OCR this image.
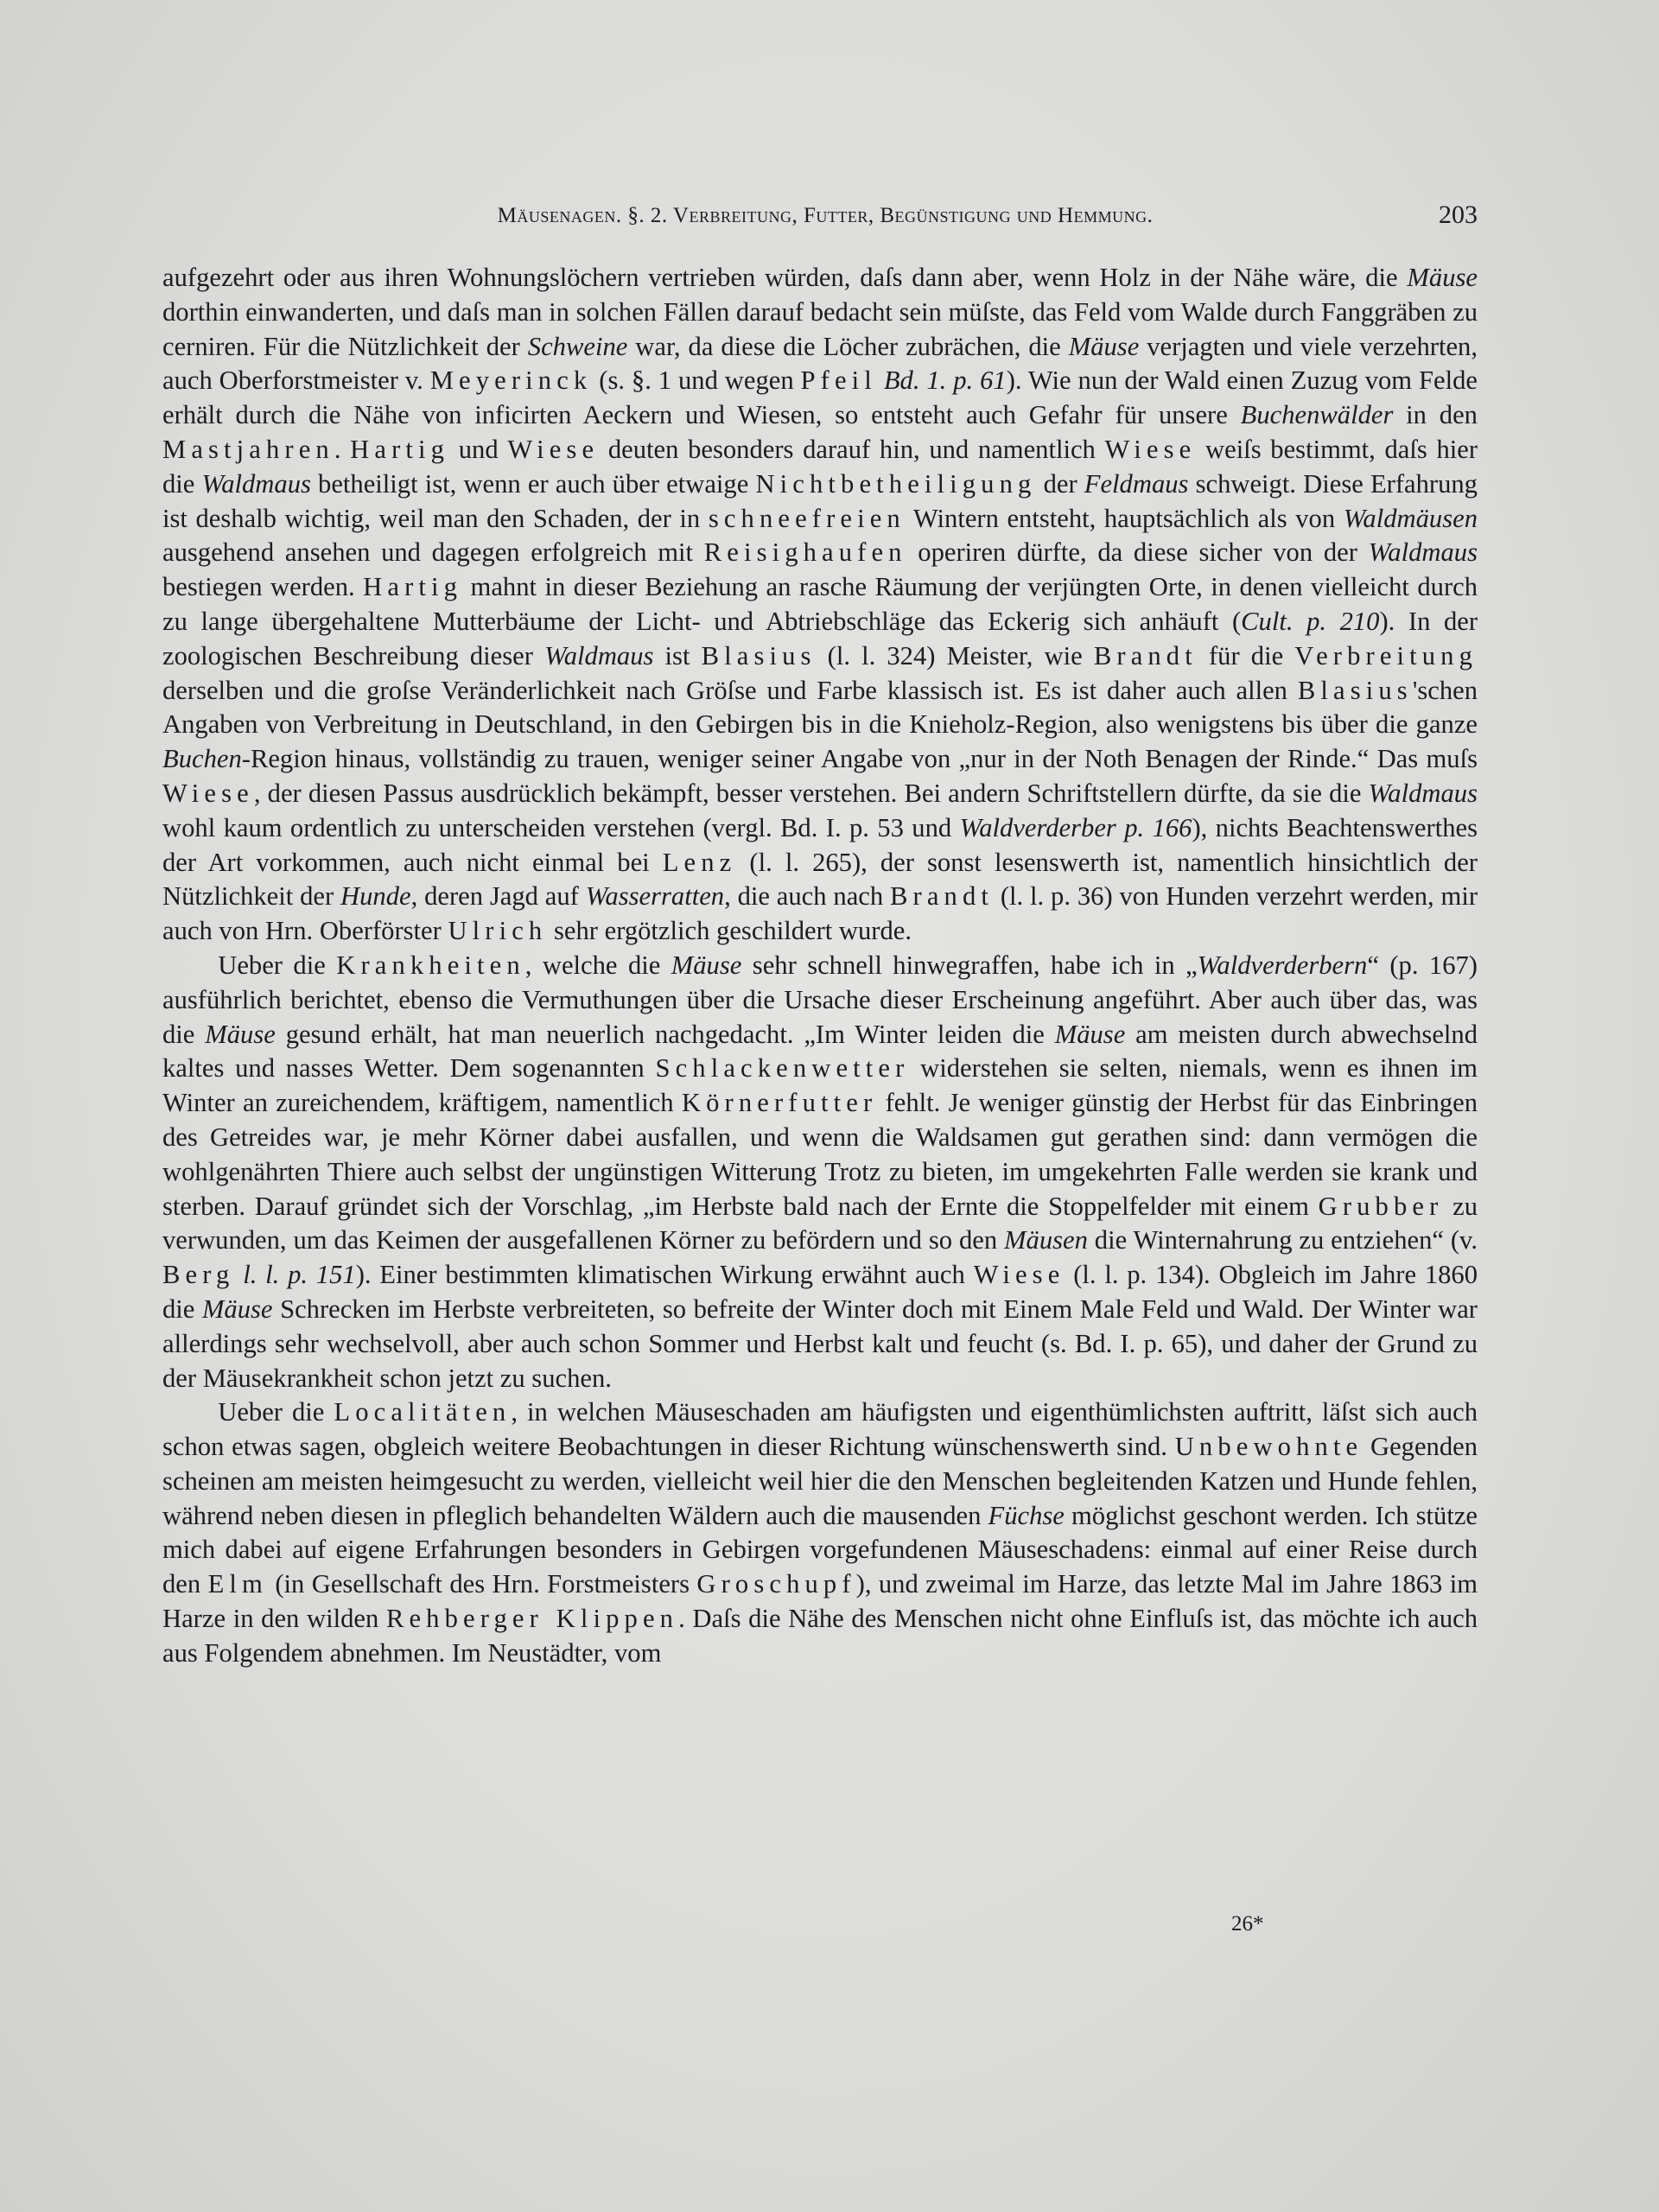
Mäusenagen. §. 2. Verbreitung, Futter, Begünstigung und Hemmung.	203

aufgezehrt oder aus ihren Wohnungslöchern vertrieben würden, daſs dann aber, wenn Holz in der Nähe wäre, die Mäuse dorthin einwanderten, und daſs man in solchen Fällen darauf bedacht sein müſste, das Feld vom Walde durch Fanggräben zu cerniren. Für die Nützlichkeit der Schweine war, da diese die Löcher zubrächen, die Mäuse verjagten und viele verzehrten, auch Oberforstmeister v. Meyerinck (s. §. 1 und wegen Pfeil Bd. 1. p. 61). Wie nun der Wald einen Zuzug vom Felde erhält durch die Nähe von inficirten Aeckern und Wiesen, so entsteht auch Gefahr für unsere Buchenwälder in den Mastjahren. Hartig und Wiese deuten besonders darauf hin, und namentlich Wiese weiſs bestimmt, daſs hier die Waldmaus betheiligt ist, wenn er auch über etwaige Nichtbetheiligung der Feldmaus schweigt. Diese Erfahrung ist deshalb wichtig, weil man den Schaden, der in schneefreien Wintern entsteht, hauptsächlich als von Waldmäusen ausgehend ansehen und dagegen erfolgreich mit Reisighaufen operiren dürfte, da diese sicher von der Waldmaus bestiegen werden. Hartig mahnt in dieser Beziehung an rasche Räumung der verjüngten Orte, in denen vielleicht durch zu lange übergehaltene Mutterbäume der Licht- und Abtriebschläge das Eckerig sich anhäuft (Cult. p. 210). In der zoologischen Beschreibung dieser Waldmaus ist Blasius (l. l. 324) Meister, wie Brandt für die Verbreitung derselben und die groſse Veränderlichkeit nach Gröſse und Farbe klassisch ist. Es ist daher auch allen Blasius'schen Angaben von Verbreitung in Deutschland, in den Gebirgen bis in die Knieholz-Region, also wenigstens bis über die ganze Buchen-Region hinaus, vollständig zu trauen, weniger seiner Angabe von „nur in der Noth Benagen der Rinde.“ Das muſs Wiese, der diesen Passus ausdrücklich bekämpft, besser verstehen. Bei andern Schriftstellern dürfte, da sie die Waldmaus wohl kaum ordentlich zu unterscheiden verstehen (vergl. Bd. I. p. 53 und Waldverderber p. 166), nichts Beachtenswerthes der Art vorkommen, auch nicht einmal bei Lenz (l. l. 265), der sonst lesenswerth ist, namentlich hinsichtlich der Nützlichkeit der Hunde, deren Jagd auf Wasserratten, die auch nach Brandt (l. l. p. 36) von Hunden verzehrt werden, mir auch von Hrn. Oberförster Ulrich sehr ergötzlich geschildert wurde.

Ueber die Krankheiten, welche die Mäuse sehr schnell hinwegraffen, habe ich in „Waldverderbern“ (p. 167) ausführlich berichtet, ebenso die Vermuthungen über die Ursache dieser Erscheinung angeführt. Aber auch über das, was die Mäuse gesund erhält, hat man neuerlich nachgedacht. „Im Winter leiden die Mäuse am meisten durch abwechselnd kaltes und nasses Wetter. Dem sogenannten Schlackenwetter widerstehen sie selten, niemals, wenn es ihnen im Winter an zureichendem, kräftigem, namentlich Körnerfutter fehlt. Je weniger günstig der Herbst für das Einbringen des Getreides war, je mehr Körner dabei ausfallen, und wenn die Waldsamen gut gerathen sind: dann vermögen die wohlgenährten Thiere auch selbst der ungünstigen Witterung Trotz zu bieten, im umgekehrten Falle werden sie krank und sterben. Darauf gründet sich der Vorschlag, „im Herbste bald nach der Ernte die Stoppelfelder mit einem Grubber zu verwunden, um das Keimen der ausgefallenen Körner zu befördern und so den Mäusen die Winternahrung zu entziehen“ (v. Berg l. l. p. 151). Einer bestimmten klimatischen Wirkung erwähnt auch Wiese (l. l. p. 134). Obgleich im Jahre 1860 die Mäuse Schrecken im Herbste verbreiteten, so befreite der Winter doch mit Einem Male Feld und Wald. Der Winter war allerdings sehr wechselvoll, aber auch schon Sommer und Herbst kalt und feucht (s. Bd. I. p. 65), und daher der Grund zu der Mäusekrankheit schon jetzt zu suchen.

Ueber die Localitäten, in welchen Mäuseschaden am häufigsten und eigenthümlichsten auftritt, läſst sich auch schon etwas sagen, obgleich weitere Beobachtungen in dieser Richtung wünschenswerth sind. Unbewohnte Gegenden scheinen am meisten heimgesucht zu werden, vielleicht weil hier die den Menschen begleitenden Katzen und Hunde fehlen, während neben diesen in pfleglich behandelten Wäldern auch die mausenden Füchse möglichst geschont werden. Ich stütze mich dabei auf eigene Erfahrungen besonders in Gebirgen vorgefundenen Mäuseschadens: einmal auf einer Reise durch den Elm (in Gesellschaft des Hrn. Forstmeisters Groschupf), und zweimal im Harze, das letzte Mal im Jahre 1863 im Harze in den wilden Rehberger Klippen. Daſs die Nähe des Menschen nicht ohne Einfluſs ist, das möchte ich auch aus Folgendem abnehmen. Im Neustädter, vom

26*
